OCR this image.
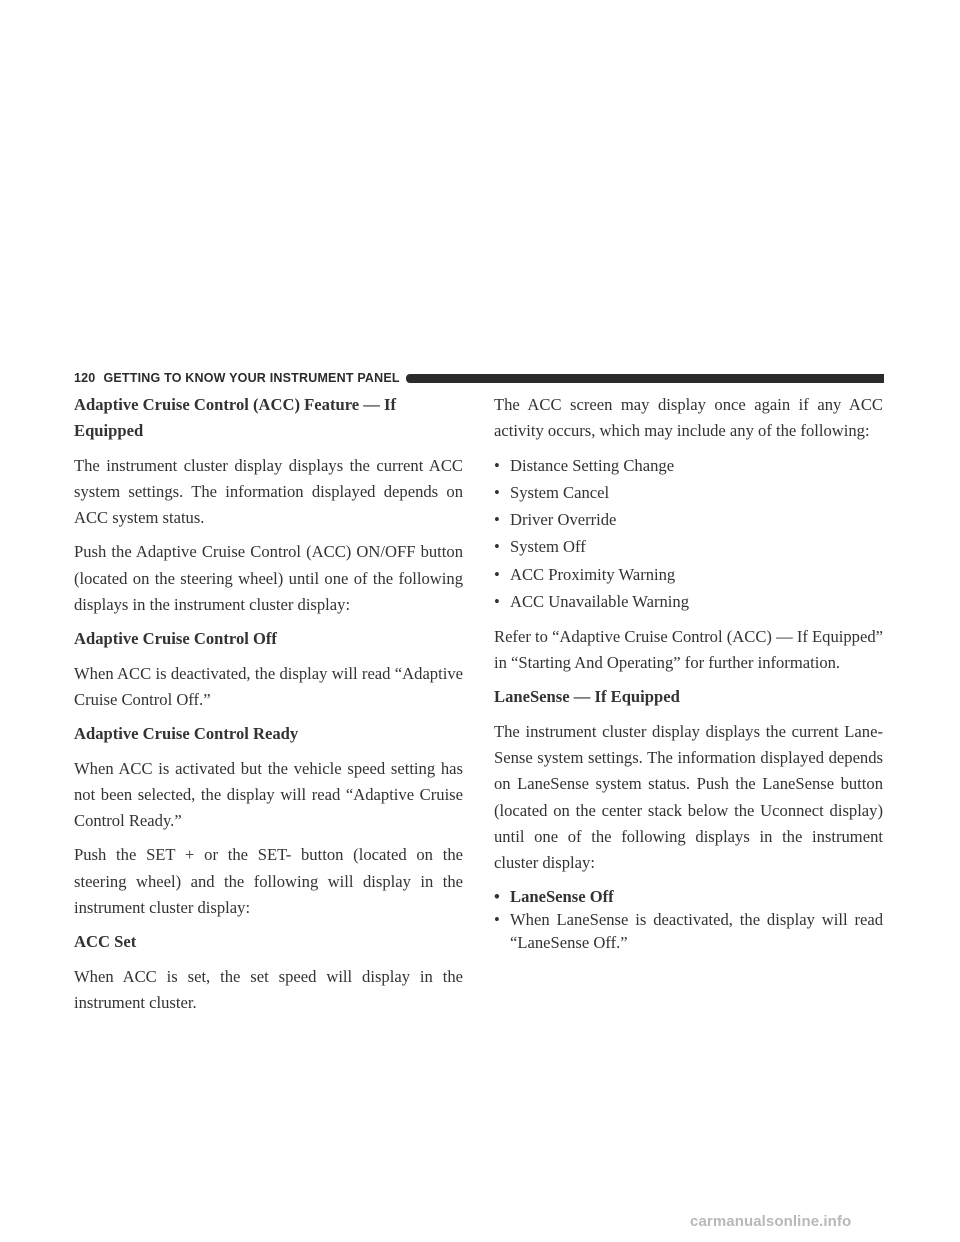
120 GETTING TO KNOW YOUR INSTRUMENT PANEL
Adaptive Cruise Control (ACC) Feature — If Equipped

The instrument cluster display displays the current ACC system settings. The information displayed depends on ACC system status.

Push the Adaptive Cruise Control (ACC) ON/OFF button (located on the steering wheel) until one of the following displays in the instrument cluster display:

Adaptive Cruise Control Off

When ACC is deactivated, the display will read “Adaptive Cruise Control Off.”

Adaptive Cruise Control Ready

When ACC is activated but the vehicle speed setting has not been selected, the display will read “Adaptive Cruise Control Ready.”

Push the SET + or the SET- button (located on the steering wheel) and the following will display in the instrument cluster display:

ACC Set

When ACC is set, the set speed will display in the instrument cluster.

The ACC screen may display once again if any ACC activity occurs, which may include any of the following:

• Distance Setting Change
• System Cancel
• Driver Override
• System Off
• ACC Proximity Warning
• ACC Unavailable Warning

Refer to “Adaptive Cruise Control (ACC) — If Equipped” in “Starting And Operating” for further information.

LaneSense — If Equipped

The instrument cluster display displays the current Lane-Sense system settings. The information displayed depends on LaneSense system status. Push the LaneSense button (located on the center stack below the Uconnect display) until one of the following displays in the instrument cluster display:

• LaneSense Off
• When LaneSense is deactivated, the display will read “LaneSense Off.”
carmanualsonline.info
